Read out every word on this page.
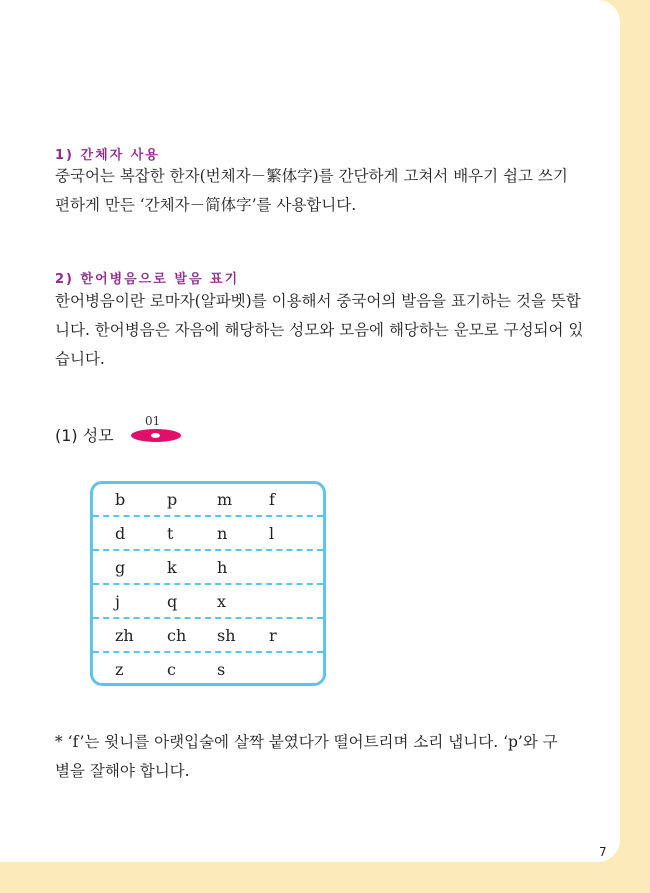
1) 간체자 사용
중국어는 복잡한 한자(번체자－繁体字)를 간단하게 고쳐서 배우기 쉽고 쓰기
편하게 만든 ‘간체자－简体字’를 사용합니다.
2) 한어병음으로 발음 표기
한어병음이란 로마자(알파벳)를 이용해서 중국어의 발음을 표기하는 것을 뜻합
니다. 한어병음은 자음에 해당하는 성모와 모음에 해당하는 운모로 구성되어 있
습니다.
(1) 성모
01
b	p m f
d	t	n	l
g	k	h
j	q x
zh ch sh r
z	c	s
* ‘f’는 윗니를 아랫입술에 살짝 붙였다가 떨어트리며 소리 냅니다. ‘p’와 구
별을 잘해야 합니다.
7
